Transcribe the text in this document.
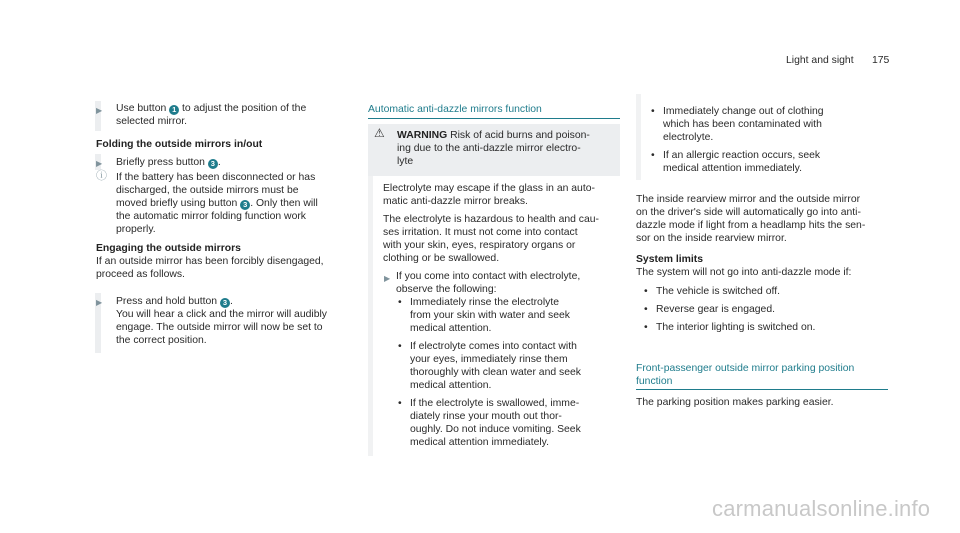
Light and sight 175
▶ Use button 1 to adjust the position of the
selected mirror.
Folding the outside mirrors in/out
▶ Briefly press button 3 .
ⓘ If the battery has been disconnected or has
discharged, the outside mirrors must be
moved briefly using button 3 . Only then will
the automatic mirror folding function work
properly.
Engaging the outside mirrors
If an outside mirror has been forcibly disengaged,
proceed as follows.
▶ Press and hold button 3 .
You will hear a click and the mirror will audibly
engage. The outside mirror will now be set to
the correct position.
Automatic anti-dazzle mirrors function
⚠ WARNING Risk of acid burns and poison-
ing due to the anti-dazzle mirror electro-
lyte
Electrolyte may escape if the glass in an auto-
matic anti-dazzle mirror breaks.
The electrolyte is hazardous to health and cau-
ses irritation. It must not come into contact
with your skin, eyes, respiratory organs or
clothing or be swallowed.
▶ If you come into contact with electrolyte,
observe the following:
• Immediately rinse the electrolyte
from your skin with water and seek
medical attention.
• If electrolyte comes into contact with
your eyes, immediately rinse them
thoroughly with clean water and seek
medical attention.
• If the electrolyte is swallowed, imme-
diately rinse your mouth out thor-
oughly. Do not induce vomiting. Seek
medical attention immediately.
• Immediately change out of clothing
which has been contaminated with
electrolyte.
• If an allergic reaction occurs, seek
medical attention immediately.
The inside rearview mirror and the outside mirror
on the driver's side will automatically go into anti-
dazzle mode if light from a headlamp hits the sen-
sor on the inside rearview mirror.
System limits
The system will not go into anti-dazzle mode if:
• The vehicle is switched off.
• Reverse gear is engaged.
• The interior lighting is switched on.
Front-passenger outside mirror parking position
function
The parking position makes parking easier.
carmanualsonline.info
